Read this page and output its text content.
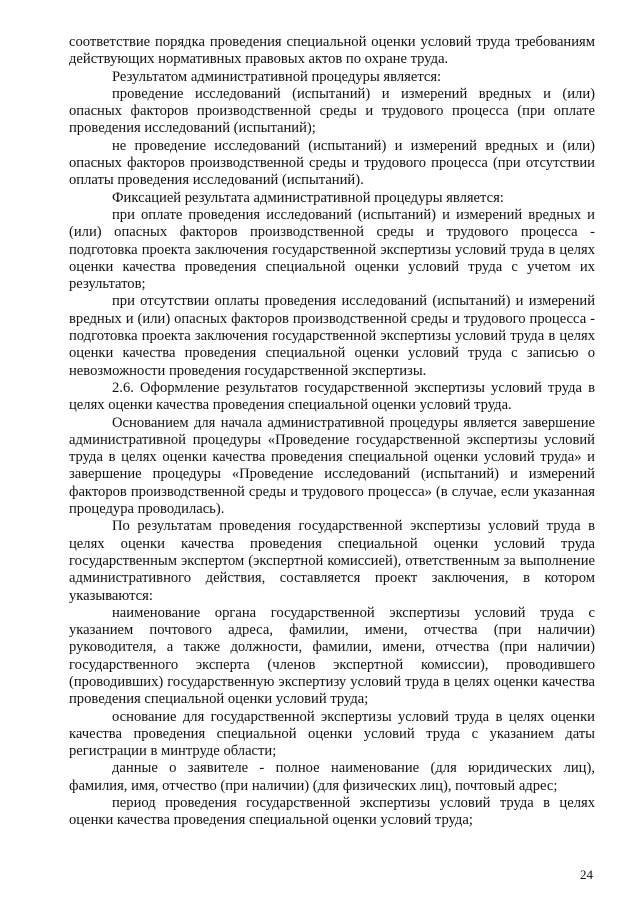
соответствие порядка проведения специальной оценки условий труда требованиям действующих нормативных правовых актов по охране труда.

Результатом административной процедуры является:

проведение исследований (испытаний) и измерений вредных и (или) опасных факторов производственной среды и трудового процесса (при оплате проведения исследований (испытаний);

не проведение исследований (испытаний) и измерений вредных и (или) опасных факторов производственной среды и трудового процесса (при отсутствии оплаты проведения исследований (испытаний).

Фиксацией результата административной процедуры является:

при оплате проведения исследований (испытаний) и измерений вредных и (или) опасных факторов производственной среды и трудового процесса - подготовка проекта заключения государственной экспертизы условий труда в целях оценки качества проведения специальной оценки условий труда с учетом их результатов;

при отсутствии оплаты проведения исследований (испытаний) и измерений вредных и (или) опасных факторов производственной среды и трудового процесса - подготовка проекта заключения государственной экспертизы условий труда в целях оценки качества проведения специальной оценки условий труда с записью о невозможности проведения государственной экспертизы.

2.6. Оформление результатов государственной экспертизы условий труда в целях оценки качества проведения специальной оценки условий труда.

Основанием для начала административной процедуры является завершение административной процедуры «Проведение государственной экспертизы условий труда в целях оценки качества проведения специальной оценки условий труда» и завершение процедуры «Проведение исследований (испытаний) и измерений факторов производственной среды и трудового процесса» (в случае, если указанная процедура проводилась).

По результатам проведения государственной экспертизы условий труда в целях оценки качества проведения специальной оценки условий труда государственным экспертом (экспертной комиссией), ответственным за выполнение административного действия, составляется проект заключения, в котором указываются:

наименование органа государственной экспертизы условий труда с указанием почтового адреса, фамилии, имени, отчества (при наличии) руководителя, а также должности, фамилии, имени, отчества (при наличии) государственного эксперта (членов экспертной комиссии), проводившего (проводивших) государственную экспертизу условий труда в целях оценки качества проведения специальной оценки условий труда;

основание для государственной экспертизы условий труда в целях оценки качества проведения специальной оценки условий труда с указанием даты регистрации в минтруде области;

данные о заявителе - полное наименование (для юридических лиц), фамилия, имя, отчество (при наличии) (для физических лиц), почтовый адрес;

период проведения государственной экспертизы условий труда в целях оценки качества проведения специальной оценки условий труда;

24
